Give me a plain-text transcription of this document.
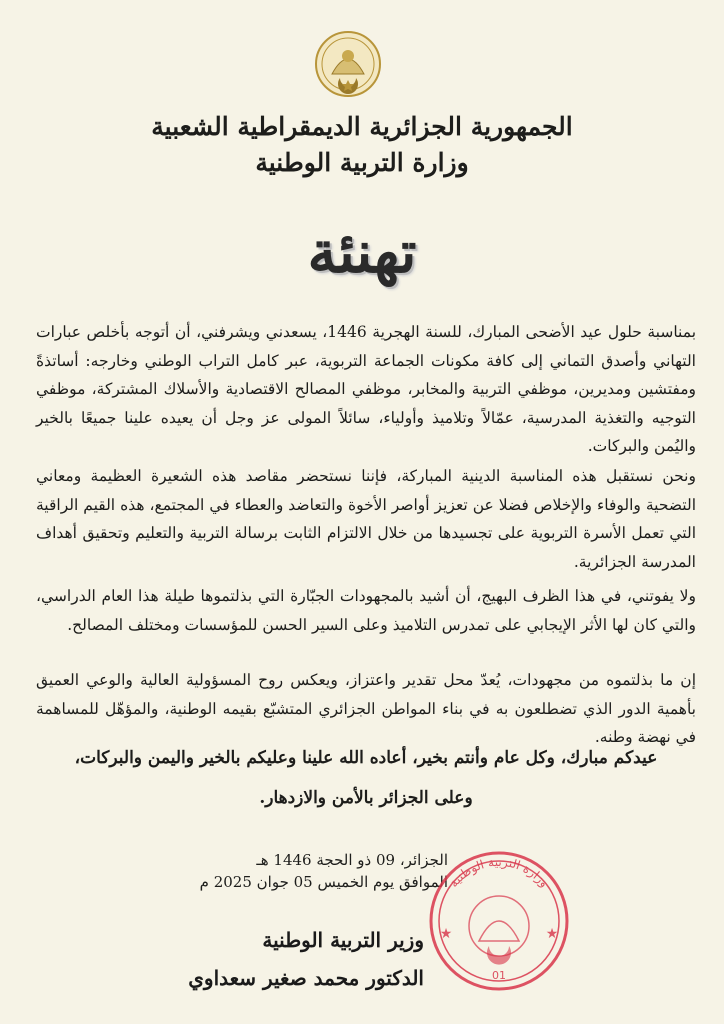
الجمهورية الجزائرية الديمقراطية الشعبية
وزارة التربية الوطنية
تهنئة
بمناسبة حلول عيد الأضحى المبارك، للسنة الهجرية 1446، يسعدني ويشرفني، أن أتوجه بأخلص عبارات التهاني وأصدق التماني إلى كافة مكونات الجماعة التربوية، عبر كامل التراب الوطني وخارجه: أساتذةً ومفتشين ومديرين، موظفي التربية والمخابر، موظفي المصالح الاقتصادية والأسلاك المشتركة، موظفي التوجيه والتغذية المدرسية، عمّالاً وتلاميذ وأولياء، سائلاً المولى عز وجل أن يعيده علينا جميعًا بالخير واليُمن والبركات.
ونحن نستقبل هذه المناسبة الدينية المباركة، فإننا نستحضر مقاصد هذه الشعيرة العظيمة ومعاني التضحية والوفاء والإخلاص فضلا عن تعزيز أواصر الأخوة والتعاضد والعطاء في المجتمع، هذه القيم الراقية التي تعمل الأسرة التربوية على تجسيدها من خلال الالتزام الثابت برسالة التربية والتعليم وتحقيق أهداف المدرسة الجزائرية.
ولا يفوتني، في هذا الظرف البهيج، أن أشيد بالمجهودات الجبّارة التي بذلتموها طيلة هذا العام الدراسي، والتي كان لها الأثر الإيجابي على تمدرس التلاميذ وعلى السير الحسن للمؤسسات ومختلف المصالح.
إن ما بذلتموه من مجهودات، يُعدّ محل تقدير واعتزاز، ويعكس روح المسؤولية العالية والوعي العميق بأهمية الدور الذي تضطلعون به في بناء المواطن الجزائري المتشبّع بقيمه الوطنية، والمؤهّل للمساهمة في نهضة وطنه.
عيدكم مبارك، وكل عام وأنتم بخير، أعاده الله علينا وعليكم بالخير واليمن والبركات،
وعلى الجزائر بالأمن والازدهار.
الجزائر، 09 ذو الحجة 1446 هـ
الموافق يوم الخميس 05 جوان 2025 م
وزارة التربية الوطنية
01
★	★
وزير التربية الوطنية
الدكتور محمد صغير سعداوي
